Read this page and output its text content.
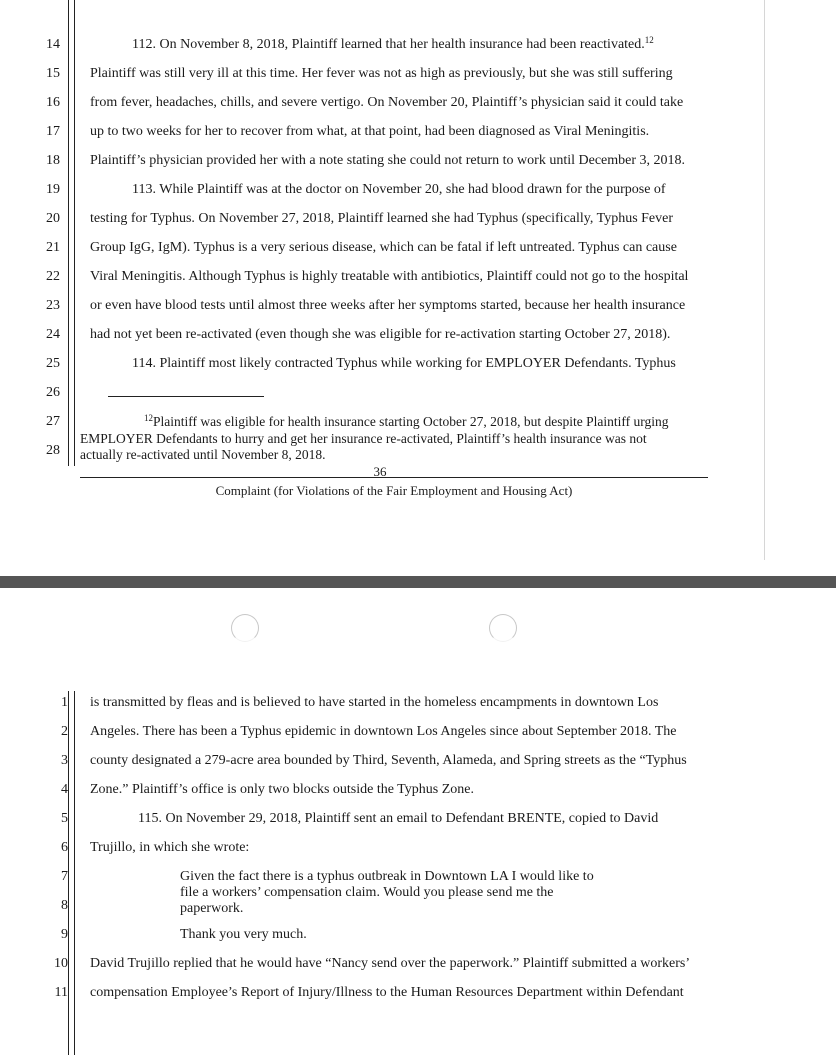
14
15
16
17
18
19
20
21
22
23
24
25
26
27
28
112. On November 8, 2018, Plaintiff learned that her health insurance had been reactivated.$^{12}$
Plaintiff was still very ill at this time. Her fever was not as high as previously, but she was still suffering
from fever, headaches, chills, and severe vertigo. On November 20, Plaintiff’s physician said it could take
up to two weeks for her to recover from what, at that point, had been diagnosed as Viral Meningitis.
Plaintiff’s physician provided her with a note stating she could not return to work until December 3, 2018.
113. While Plaintiff was at the doctor on November 20, she had blood drawn for the purpose of
testing for Typhus. On November 27, 2018, Plaintiff learned she had Typhus (specifically, Typhus Fever
Group IgG, IgM). Typhus is a very serious disease, which can be fatal if left untreated. Typhus can cause
Viral Meningitis. Although Typhus is highly treatable with antibiotics, Plaintiff could not go to the hospital
or even have blood tests until almost three weeks after her symptoms started, because her health insurance
had not yet been re-activated (even though she was eligible for re-activation starting October 27, 2018).
114. Plaintiff most likely contracted Typhus while working for EMPLOYER Defendants. Typhus
$^{12}$Plaintiff was eligible for health insurance starting October 27, 2018, but despite Plaintiff urging
EMPLOYER Defendants to hurry and get her insurance re-activated, Plaintiff’s health insurance was not
actually re-activated until November 8, 2018.
36
Complaint (for Violations of the Fair Employment and Housing Act)
1
2
3
4
5
6
7
8
9
10
11
is transmitted by fleas and is believed to have started in the homeless encampments in downtown Los
Angeles. There has been a Typhus epidemic in downtown Los Angeles since about September 2018. The
county designated a 279-acre area bounded by Third, Seventh, Alameda, and Spring streets as the “Typhus
Zone.” Plaintiff’s office is only two blocks outside the Typhus Zone.
115. On November 29, 2018, Plaintiff sent an email to Defendant BRENTE, copied to David
Trujillo, in which she wrote:
Given the fact there is a typhus outbreak in Downtown LA I would like to
file a workers’ compensation claim. Would you please send me the
paperwork.
Thank you very much.
David Trujillo replied that he would have “Nancy send over the paperwork.” Plaintiff submitted a workers’
compensation Employee’s Report of Injury/Illness to the Human Resources Department within Defendant
